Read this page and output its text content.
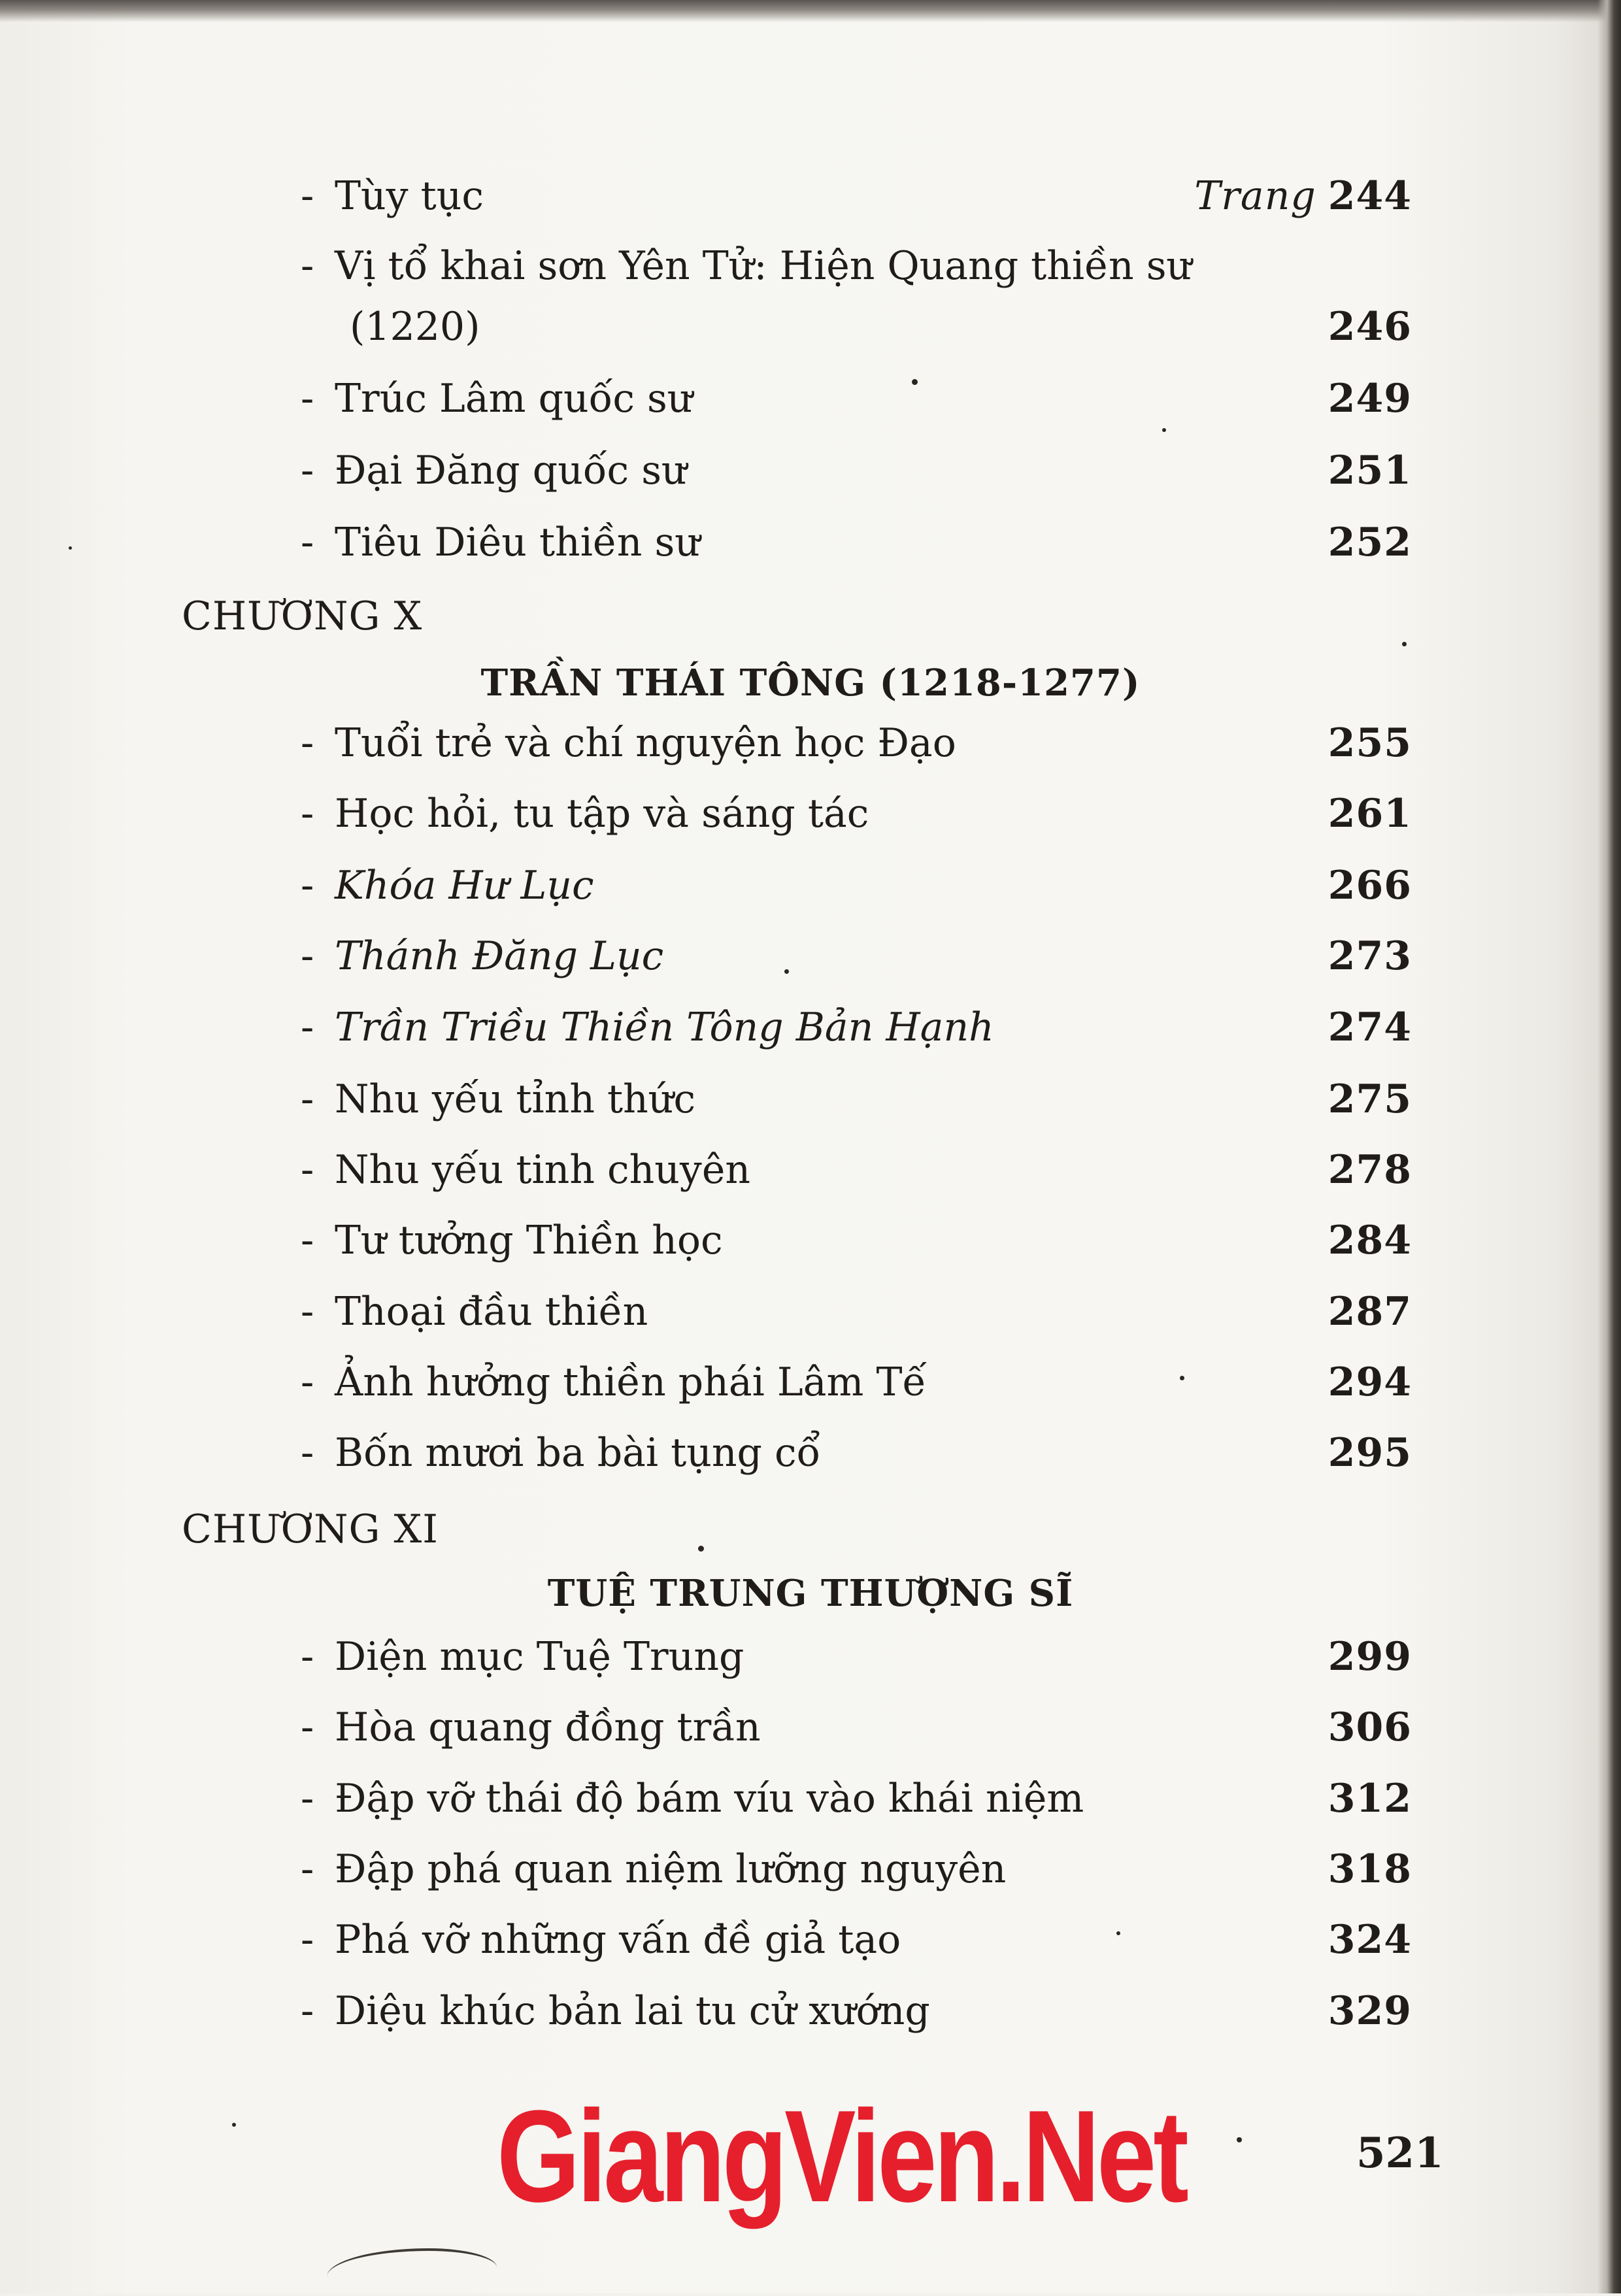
- Tùy tục	Trang 244
- Vị tổ khai sơn Yên Tử: Hiện Quang thiền sư
(1220)	246
- Trúc Lâm quốc sư	249
- Đại Đăng quốc sư	251
- Tiêu Diêu thiền sư	252
CHƯƠNG X
TRẦN THÁI TÔNG (1218-1277)
- Tuổi trẻ và chí nguyện học Đạo	255
- Học hỏi, tu tập và sáng tác	261
- Khóa Hư Lục	266
- Thánh Đăng Lục	273
- Trần Triều Thiền Tông Bản Hạnh	274
- Nhu yếu tỉnh thức	275
- Nhu yếu tinh chuyên	278
- Tư tưởng Thiền học	284
- Thoại đầu thiền	287
- Ảnh hưởng thiền phái Lâm Tế	294
- Bốn mươi ba bài tụng cổ	295
CHƯƠNG XI
TUỆ TRUNG THƯỢNG SĨ
- Diện mục Tuệ Trung	299
- Hòa quang đồng trần	306
- Đập vỡ thái độ bám víu vào khái niệm	312
- Đập phá quan niệm lưỡng nguyên	318
- Phá vỡ những vấn đề giả tạo	324
- Diệu khúc bản lai tu cử xướng	329
GiangVien.Net	521
